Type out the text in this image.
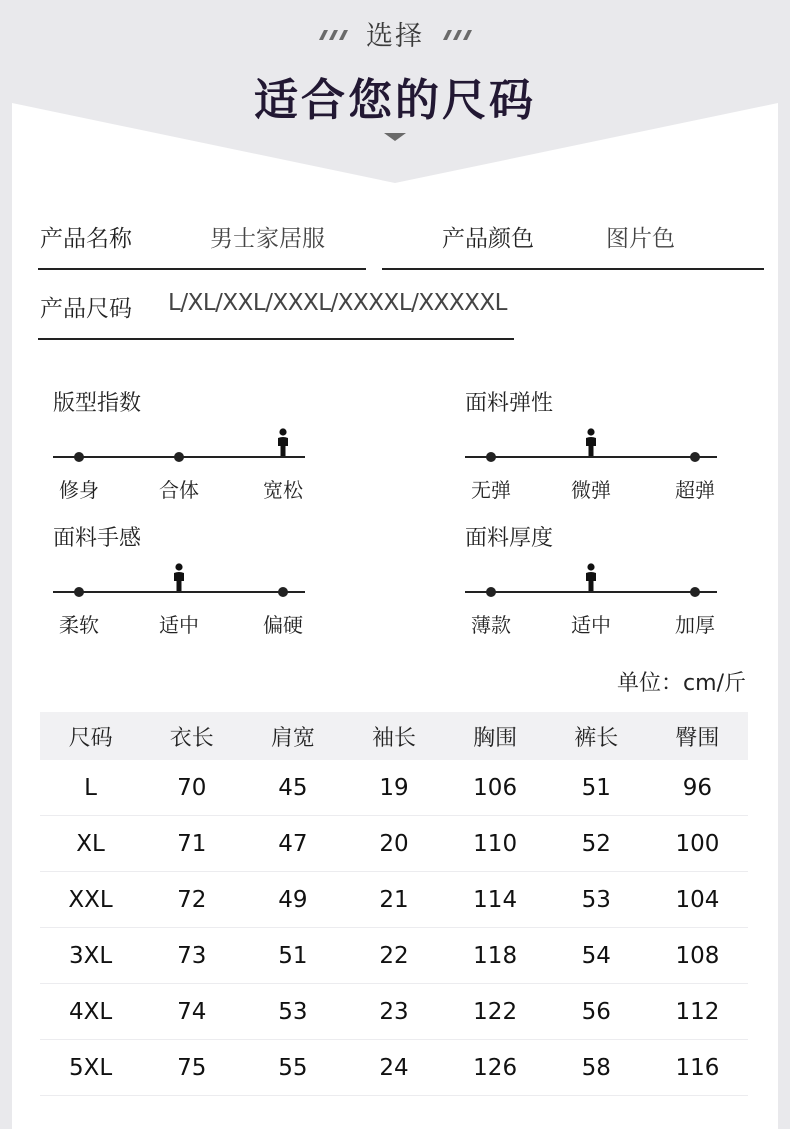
选择
适合您的尺码
产品名称	男士家居服	产品颜色	图片色
产品尺码 L/XL/XXL/XXXL/XXXXL/XXXXXL
版型指数
修身	合体	宽松
面料弹性
无弹	微弹	超弹
面料手感
柔软	适中	偏硬
面料厚度
薄款	适中	加厚
单位：cm/斤
尺码	衣长	肩宽	袖长	胸围	裤长	臀围
L	70	45	19	106	51	96
XL	71	47	20	110	52	100
XXL	72	49	21	114	53	104
3XL	73	51	22	118	54	108
4XL	74	53	23	122	56	112
5XL	75	55	24	126	58	116
